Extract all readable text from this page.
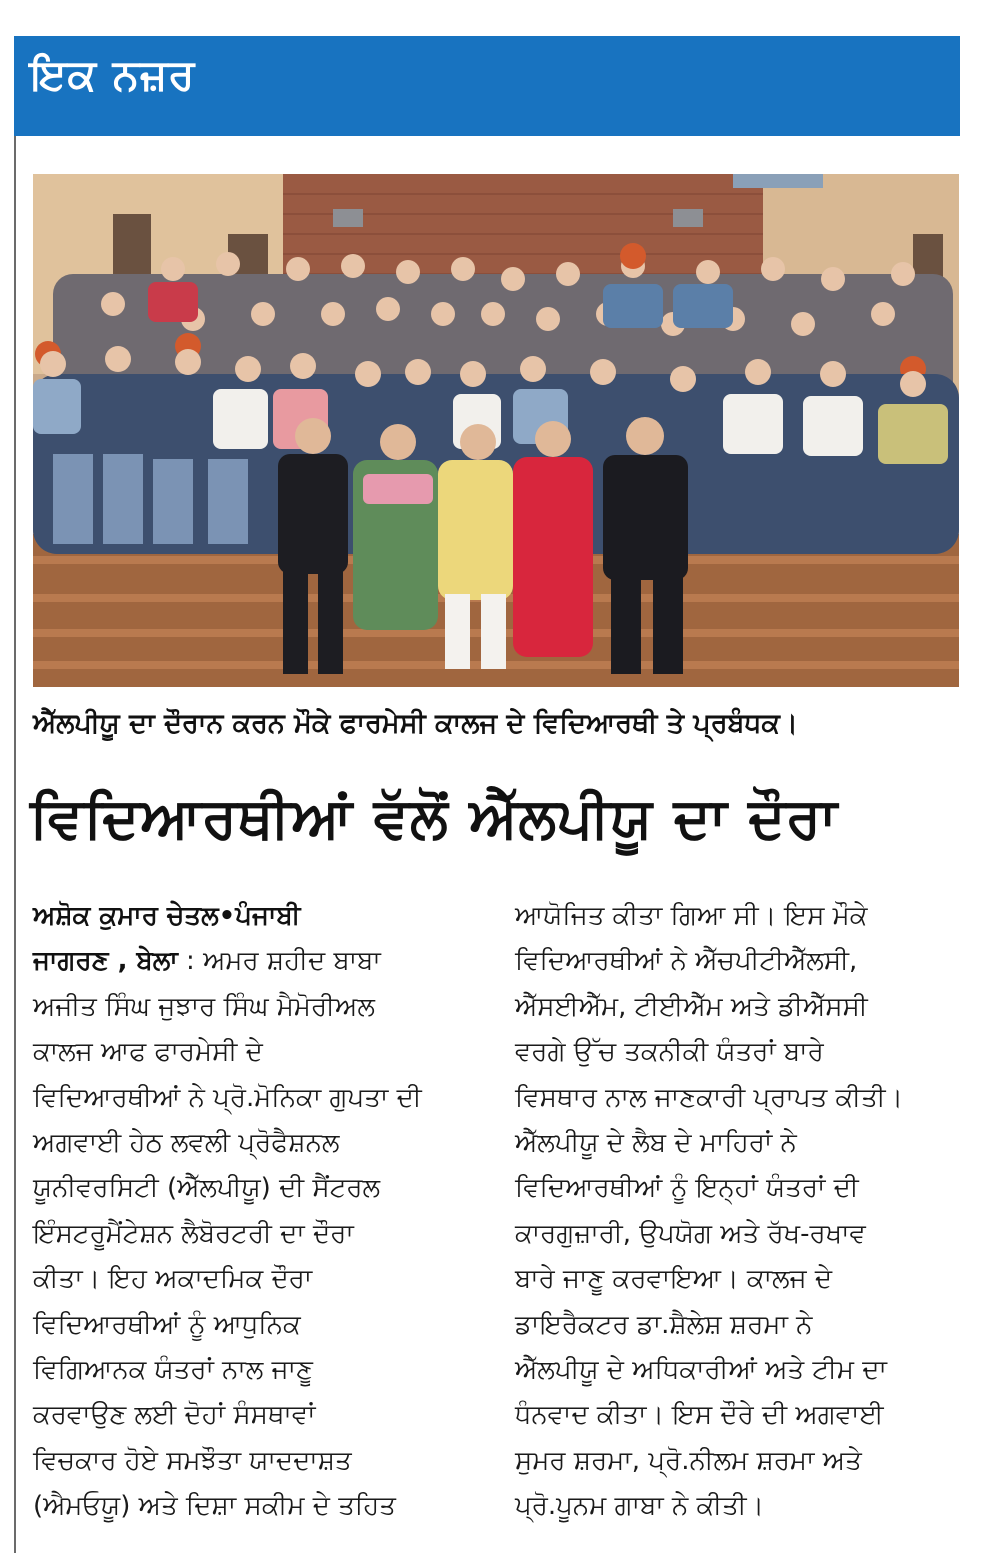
ਇਕ ਨਜ਼ਰ
ਐੱਲਪੀਯੂ ਦਾ ਦੌਰਾਨ ਕਰਨ ਮੌਕੇ ਫਾਰਮੇਸੀ ਕਾਲਜ ਦੇ ਵਿਦਿਆਰਥੀ ਤੇ ਪ੍ਰਬੰਧਕ।
ਵਿਦਿਆਰਥੀਆਂ ਵੱਲੋਂ ਐੱਲਪੀਯੂ ਦਾ ਦੌਰਾ
ਅਸ਼ੋਕ ਕੁਮਾਰ ਚੇਤਲ•ਪੰਜਾਬੀ
ਜਾਗਰਣ , ਬੇਲਾ : ਅਮਰ ਸ਼ਹੀਦ ਬਾਬਾ
ਅਜੀਤ ਸਿੰਘ ਜੁਝਾਰ ਸਿੰਘ ਮੈਮੋਰੀਅਲ
ਕਾਲਜ ਆਫ ਫਾਰਮੇਸੀ ਦੇ
ਵਿਦਿਆਰਥੀਆਂ ਨੇ ਪ੍ਰੋ.ਮੋਨਿਕਾ ਗੁਪਤਾ ਦੀ
ਅਗਵਾਈ ਹੇਠ ਲਵਲੀ ਪ੍ਰੋਫੈਸ਼ਨਲ
ਯੂਨੀਵਰਸਿਟੀ (ਐੱਲਪੀਯੂ) ਦੀ ਸੈਂਟਰਲ
ਇੰਸਟਰੂਮੈਂਟੇਸ਼ਨ ਲੈਬੋਰਟਰੀ ਦਾ ਦੌਰਾ
ਕੀਤਾ। ਇਹ ਅਕਾਦਮਿਕ ਦੌਰਾ
ਵਿਦਿਆਰਥੀਆਂ ਨੂੰ ਆਧੁਨਿਕ
ਵਿਗਿਆਨਕ ਯੰਤਰਾਂ ਨਾਲ ਜਾਣੂ
ਕਰਵਾਉਣ ਲਈ ਦੋਹਾਂ ਸੰਸਥਾਵਾਂ
ਵਿਚਕਾਰ ਹੋਏ ਸਮਝੌਤਾ ਯਾਦਦਾਸ਼ਤ
(ਐਮਓਯੂ) ਅਤੇ ਦਿਸ਼ਾ ਸਕੀਮ ਦੇ ਤਹਿਤ
ਆਯੋਜਿਤ ਕੀਤਾ ਗਿਆ ਸੀ। ਇਸ ਮੌਕੇ
ਵਿਦਿਆਰਥੀਆਂ ਨੇ ਐੱਚਪੀਟੀਐੱਲਸੀ,
ਐੱਸਈਐੱਮ, ਟੀਈਐੱਮ ਅਤੇ ਡੀਐੱਸਸੀ
ਵਰਗੇ ਉੱਚ ਤਕਨੀਕੀ ਯੰਤਰਾਂ ਬਾਰੇ
ਵਿਸਥਾਰ ਨਾਲ ਜਾਣਕਾਰੀ ਪ੍ਰਾਪਤ ਕੀਤੀ।
ਐੱਲਪੀਯੂ ਦੇ ਲੈਬ ਦੇ ਮਾਹਿਰਾਂ ਨੇ
ਵਿਦਿਆਰਥੀਆਂ ਨੂੰ ਇਨ੍ਹਾਂ ਯੰਤਰਾਂ ਦੀ
ਕਾਰਗੁਜ਼ਾਰੀ, ਉਪਯੋਗ ਅਤੇ ਰੱਖ-ਰਖਾਵ
ਬਾਰੇ ਜਾਣੂ ਕਰਵਾਇਆ। ਕਾਲਜ ਦੇ
ਡਾਇਰੈਕਟਰ ਡਾ.ਸ਼ੈਲੇਸ਼ ਸ਼ਰਮਾ ਨੇ
ਐੱਲਪੀਯੂ ਦੇ ਅਧਿਕਾਰੀਆਂ ਅਤੇ ਟੀਮ ਦਾ
ਧੰਨਵਾਦ ਕੀਤਾ। ਇਸ ਦੌਰੇ ਦੀ ਅਗਵਾਈ
ਸੁਮਰ ਸ਼ਰਮਾ, ਪ੍ਰੋ.ਨੀਲਮ ਸ਼ਰਮਾ ਅਤੇ
ਪ੍ਰੋ.ਪੂਨਮ ਗਾਬਾ ਨੇ ਕੀਤੀ।
